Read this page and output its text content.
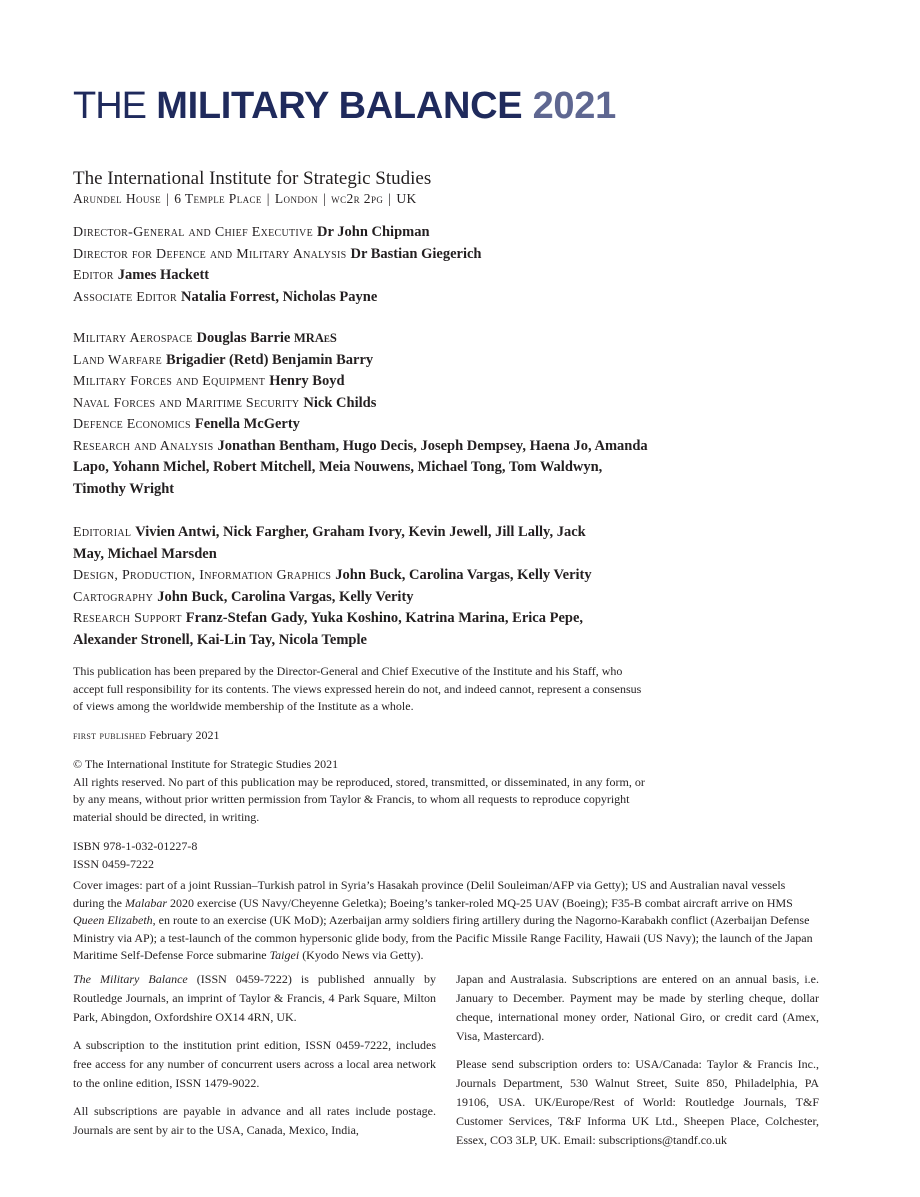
THE MILITARY BALANCE 2021
The International Institute for Strategic Studies
Arundel House | 6 Temple Place | London | wc2r 2pg | UK
Director-General and Chief Executive Dr John Chipman
Director for Defence and Military Analysis Dr Bastian Giegerich
Editor James Hackett
Associate Editor Natalia Forrest, Nicholas Payne
Military Aerospace Douglas Barrie MRAeS
Land Warfare Brigadier (Retd) Benjamin Barry
Military Forces and Equipment Henry Boyd
Naval Forces and Maritime Security Nick Childs
Defence Economics Fenella McGerty
Research and Analysis Jonathan Bentham, Hugo Decis, Joseph Dempsey, Haena Jo, Amanda Lapo, Yohann Michel, Robert Mitchell, Meia Nouwens, Michael Tong, Tom Waldwyn, Timothy Wright
Editorial Vivien Antwi, Nick Fargher, Graham Ivory, Kevin Jewell, Jill Lally, Jack May, Michael Marsden
Design, Production, Information Graphics John Buck, Carolina Vargas, Kelly Verity
Cartography John Buck, Carolina Vargas, Kelly Verity
Research Support Franz-Stefan Gady, Yuka Koshino, Katrina Marina, Erica Pepe, Alexander Stronell, Kai-Lin Tay, Nicola Temple
This publication has been prepared by the Director-General and Chief Executive of the Institute and his Staff, who accept full responsibility for its contents. The views expressed herein do not, and indeed cannot, represent a consensus of views among the worldwide membership of the Institute as a whole.
first published February 2021
© The International Institute for Strategic Studies 2021
All rights reserved. No part of this publication may be reproduced, stored, transmitted, or disseminated, in any form, or by any means, without prior written permission from Taylor & Francis, to whom all requests to reproduce copyright material should be directed, in writing.
ISBN 978-1-032-01227-8
ISSN 0459-7222
Cover images: part of a joint Russian–Turkish patrol in Syria’s Hasakah province (Delil Souleiman/AFP via Getty); US and Australian naval vessels during the Malabar 2020 exercise (US Navy/Cheyenne Geletka); Boeing’s tanker-roled MQ-25 UAV (Boeing); F35-B combat aircraft arrive on HMS Queen Elizabeth, en route to an exercise (UK MoD); Azerbaijan army soldiers firing artillery during the Nagorno-Karabakh conflict (Azerbaijan Defense Ministry via AP); a test-launch of the common hypersonic glide body, from the Pacific Missile Range Facility, Hawaii (US Navy); the launch of the Japan Maritime Self-Defense Force submarine Taigei (Kyodo News via Getty).

The Military Balance (ISSN 0459-7222) is published annually by Routledge Journals, an imprint of Taylor & Francis, 4 Park Square, Milton Park, Abingdon, Oxfordshire OX14 4RN, UK.

A subscription to the institution print edition, ISSN 0459-7222, includes free access for any number of concurrent users across a local area network to the online edition, ISSN 1479-9022.

All subscriptions are payable in advance and all rates include postage. Journals are sent by air to the USA, Canada, Mexico, India,

Japan and Australasia. Subscriptions are entered on an annual basis, i.e. January to December. Payment may be made by sterling cheque, dollar cheque, international money order, National Giro, or credit card (Amex, Visa, Mastercard).

Please send subscription orders to: USA/Canada: Taylor & Francis Inc., Journals Department, 530 Walnut Street, Suite 850, Philadelphia, PA 19106, USA. UK/Europe/Rest of World: Routledge Journals, T&F Customer Services, T&F Informa UK Ltd., Sheepen Place, Colchester, Essex, CO3 3LP, UK. Email: subscriptions@tandf.co.uk
